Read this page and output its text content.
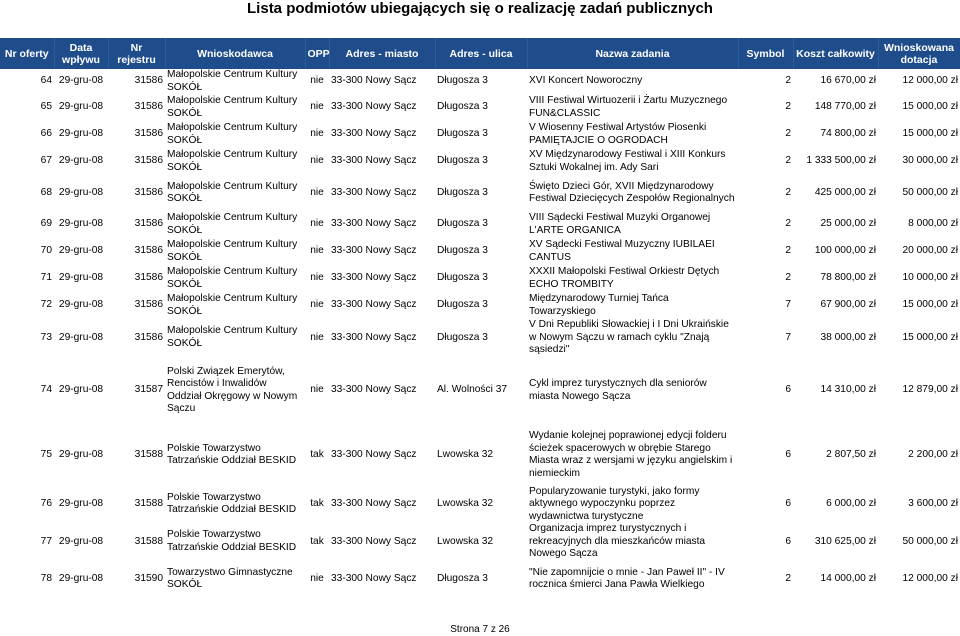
Lista podmiotów ubiegających się o realizację zadań publicznych
Nr oferty	Data wpływu	Nr rejestru	Wnioskodawca	OPP	Adres - miasto	Adres - ulica	Nazwa zadania	Symbol	Koszt całkowity	Wnioskowana dotacja
64	29-gru-08	31586	Małopolskie Centrum Kultury SOKÓŁ	nie	33-300 Nowy Sącz	Długosza 3	XVI Koncert Noworoczny	2	16 670,00 zł	12 000,00 zł
65	29-gru-08	31586	Małopolskie Centrum Kultury SOKÓŁ	nie	33-300 Nowy Sącz	Długosza 3	VIII Festiwal Wirtuozerii i Żartu Muzycznego FUN&CLASSIC	2	148 770,00 zł	15 000,00 zł
66	29-gru-08	31586	Małopolskie Centrum Kultury SOKÓŁ	nie	33-300 Nowy Sącz	Długosza 3	V Wiosenny Festiwal Artystów Piosenki PAMIĘTAJCIE O OGRODACH	2	74 800,00 zł	15 000,00 zł
67	29-gru-08	31586	Małopolskie Centrum Kultury SOKÓŁ	nie	33-300 Nowy Sącz	Długosza 3	XV Międzynarodowy Festiwal i XIII Konkurs Sztuki Wokalnej im. Ady Sari	2	1 333 500,00 zł	30 000,00 zł
68	29-gru-08	31586	Małopolskie Centrum Kultury SOKÓŁ	nie	33-300 Nowy Sącz	Długosza 3	Święto Dzieci Gór, XVII Międzynarodowy Festiwal Dziecięcych Zespołów Regionalnych	2	425 000,00 zł	50 000,00 zł
69	29-gru-08	31586	Małopolskie Centrum Kultury SOKÓŁ	nie	33-300 Nowy Sącz	Długosza 3	VIII Sądecki Festiwal Muzyki Organowej L'ARTE ORGANICA	2	25 000,00 zł	8 000,00 zł
70	29-gru-08	31586	Małopolskie Centrum Kultury SOKÓŁ	nie	33-300 Nowy Sącz	Długosza 3	XV Sądecki Festiwal Muzyczny IUBILAEI CANTUS	2	100 000,00 zł	20 000,00 zł
71	29-gru-08	31586	Małopolskie Centrum Kultury SOKÓŁ	nie	33-300 Nowy Sącz	Długosza 3	XXXII Małopolski Festiwal Orkiestr Dętych ECHO TROMBITY	2	78 800,00 zł	10 000,00 zł
72	29-gru-08	31586	Małopolskie Centrum Kultury SOKÓŁ	nie	33-300 Nowy Sącz	Długosza 3	Międzynarodowy Turniej Tańca Towarzyskiego	7	67 900,00 zł	15 000,00 zł
73	29-gru-08	31586	Małopolskie Centrum Kultury SOKÓŁ	nie	33-300 Nowy Sącz	Długosza 3	V Dni Republiki Słowackiej i I Dni Ukraińskie w Nowym Sączu w ramach cyklu "Znają sąsiedzi"	7	38 000,00 zł	15 000,00 zł

74	29-gru-08	31587	Polski Związek Emerytów, Rencistów i Inwalidów Oddział Okręgowy w Nowym Sączu	nie	33-300 Nowy Sącz	Al. Wolności 37	Cykl imprez turystycznych dla seniorów miasta Nowego Sącza	6	14 310,00 zł	12 879,00 zł

75	29-gru-08	31588	Polskie Towarzystwo Tatrzańskie Oddział BESKID	tak	33-300 Nowy Sącz	Lwowska 32	Wydanie kolejnej poprawionej edycji folderu ścieżek spacerowych w obrębie Starego Miasta wraz z wersjami w języku angielskim i niemieckim	6	2 807,50 zł	2 200,00 zł
76	29-gru-08	31588	Polskie Towarzystwo Tatrzańskie Oddział BESKID	tak	33-300 Nowy Sącz	Lwowska 32	Popularyzowanie turystyki, jako formy aktywnego wypoczynku poprzez wydawnictwa turystyczne	6	6 000,00 zł	3 600,00 zł
77	29-gru-08	31588	Polskie Towarzystwo Tatrzańskie Oddział BESKID	tak	33-300 Nowy Sącz	Lwowska 32	Organizacja imprez turystycznych i rekreacyjnych dla mieszkańców miasta Nowego Sącza	6	310 625,00 zł	50 000,00 zł
78	29-gru-08	31590	Towarzystwo Gimnastyczne SOKÓŁ	nie	33-300 Nowy Sącz	Długosza 3	"Nie zapomnijcie o mnie - Jan Paweł II" - IV rocznica śmierci Jana Pawła Wielkiego	2	14 000,00 zł	12 000,00 zł
Strona 7 z 26
